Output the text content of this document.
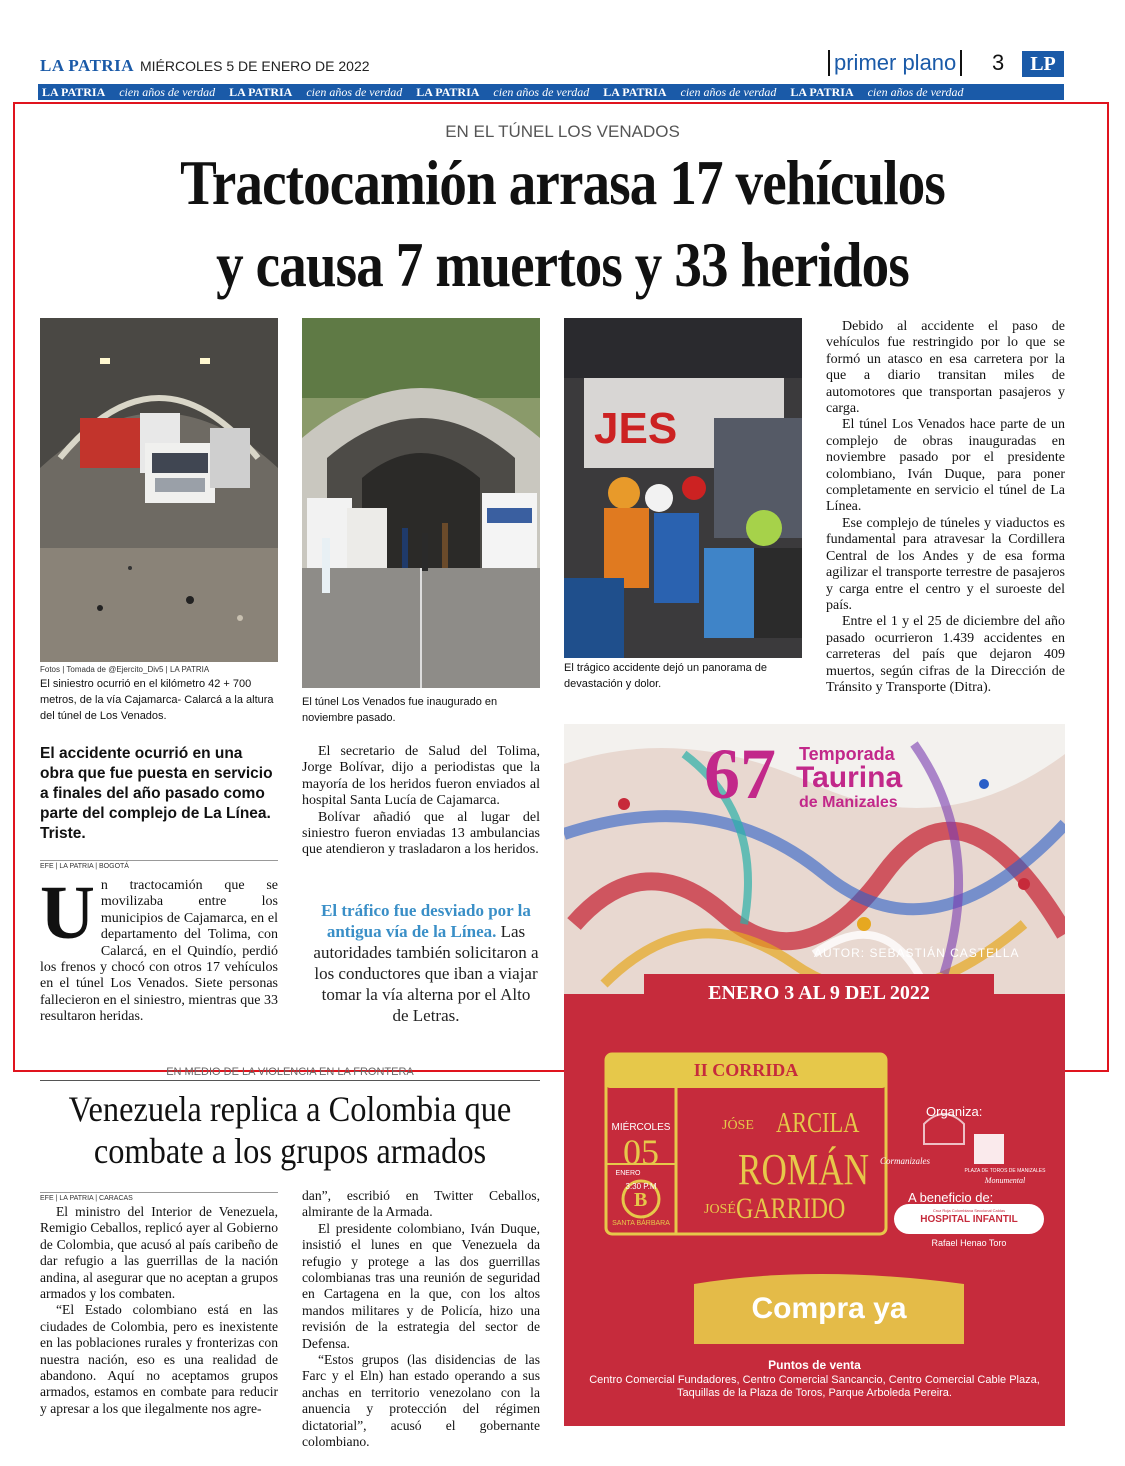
LA PATRIA MIÉRCOLES 5 DE ENERO DE 2022	primer plano 3	LP
LA PATRIA cien años de verdad LA PATRIA cien años de verdad LA PATRIA cien años de verdad LA PATRIA cien años de verdad LA PATRIA cien años de verdad
EN EL TÚNEL LOS VENADOS
Tractocamión arrasa 17 vehículos
y causa 7 muertos y 33 heridos
Fotos | Tomada de @Ejercito_Div5 | LA PATRIA
El siniestro ocurrió en el kilómetro 42 + 700 metros, de la vía Cajamarca- Calarcá a la altura del túnel de Los Venados.
El túnel Los Venados fue inaugurado en noviembre pasado.
JES
El trágico accidente dejó un panorama de devastación y dolor.

Debido al accidente el paso de vehículos fue restringido por lo que se formó un atasco en esa carretera por la que a diario transitan miles de automotores que transportan pasajeros y carga.

El túnel Los Venados hace parte de un complejo de obras inauguradas en noviembre pasado por el presidente colombiano, Iván Duque, para poner completamente en servicio el túnel de La Línea.

Ese complejo de túneles y viaductos es fundamental para atravesar la Cordillera Central de los Andes y de esa forma agilizar el transporte terrestre de pasajeros y carga entre el centro y el suroeste del país.

Entre el 1 y el 25 de diciembre del año pasado ocurrieron 1.439 accidentes en carreteras del país que dejaron 409 muertos, según cifras de la Dirección de Tránsito y Transporte (Ditra).

El accidente ocurrió en una obra que fue puesta en servicio a finales del año pasado como parte del complejo de La Línea. Triste.
EFE | LA PATRIA | BOGOTÁ
Un tractocamión que se movilizaba entre los municipios de Cajamarca, en el departamento del Tolima, con Calarcá, en el Quindío, perdió los frenos y chocó con otros 17 vehículos en el túnel Los Venados. Siete personas fallecieron en el siniestro, mientras que 33 resultaron heridas.

El secretario de Salud del Tolima, Jorge Bolívar, dijo a periodistas que la mayoría de los heridos fueron enviados al hospital Santa Lucía de Cajamarca.

Bolívar añadió que al lugar del siniestro fueron enviadas 13 ambulancias que atendieron y trasladaron a los heridos.

El tráfico fue desviado por la antigua vía de la Línea. Las autoridades también solicitaron a los conductores que iban a viajar tomar la vía alterna por el Alto de Letras.
EN MEDIO DE LA VIOLENCIA EN LA FRONTERA
Venezuela replica a Colombia que
combate a los grupos armados
EFE | LA PATRIA | CARACAS

El ministro del Interior de Venezuela, Remigio Ceballos, replicó ayer al Gobierno de Colombia, que acusó al país caribeño de dar refugio a las guerrillas de la nación andina, al asegurar que no aceptan a grupos armados y los combaten.

“El Estado colombiano está en las ciudades de Colombia, pero es inexistente en las poblaciones rurales y fronterizas con nuestra nación, eso es una realidad de abandono. Aquí no aceptamos grupos armados, estamos en combate para reducir y apresar a los que ilegalmente nos agre-

dan”, escribió en Twitter Ceballos, almirante de la Armada.

El presidente colombiano, Iván Duque, insistió el lunes en que Venezuela da refugio y protege a las dos guerrillas colombianas tras una reunión de seguridad en Cartagena en la que, con los altos mandos militares y de Policía, hizo una revisión de la estrategia del sector de Defensa.

“Estos grupos (las disidencias de las Farc y el Eln) han estado operando a sus anchas en territorio venezolano con la anuencia y protección del régimen dictatorial”, acusó el gobernante colombiano.

B
67 Temporada
Taurina
de Manizales
AUTOR: SEBASTIÁN CASTELLA
ENERO 3 AL 9 DEL 2022
II CORRIDA
MIÉRCOLES
05
ENERO
3:30 P.M
SANTA BÁRBARA
JÓSE ARCILA
ROMÁN
JOSÉ GARRIDO
Organiza:
Cormanizales
PLAZA DE TOROS DE MANIZALES
Monumental
A beneficio de:
Cruz Roja Colombiana Seccional Caldas
HOSPITAL INFANTIL
Rafael Henao Toro
Compra ya
Puntos de venta
Centro Comercial Fundadores, Centro Comercial Sancancio, Centro Comercial Cable Plaza, Taquillas de la Plaza de Toros, Parque Arboleda Pereira.
